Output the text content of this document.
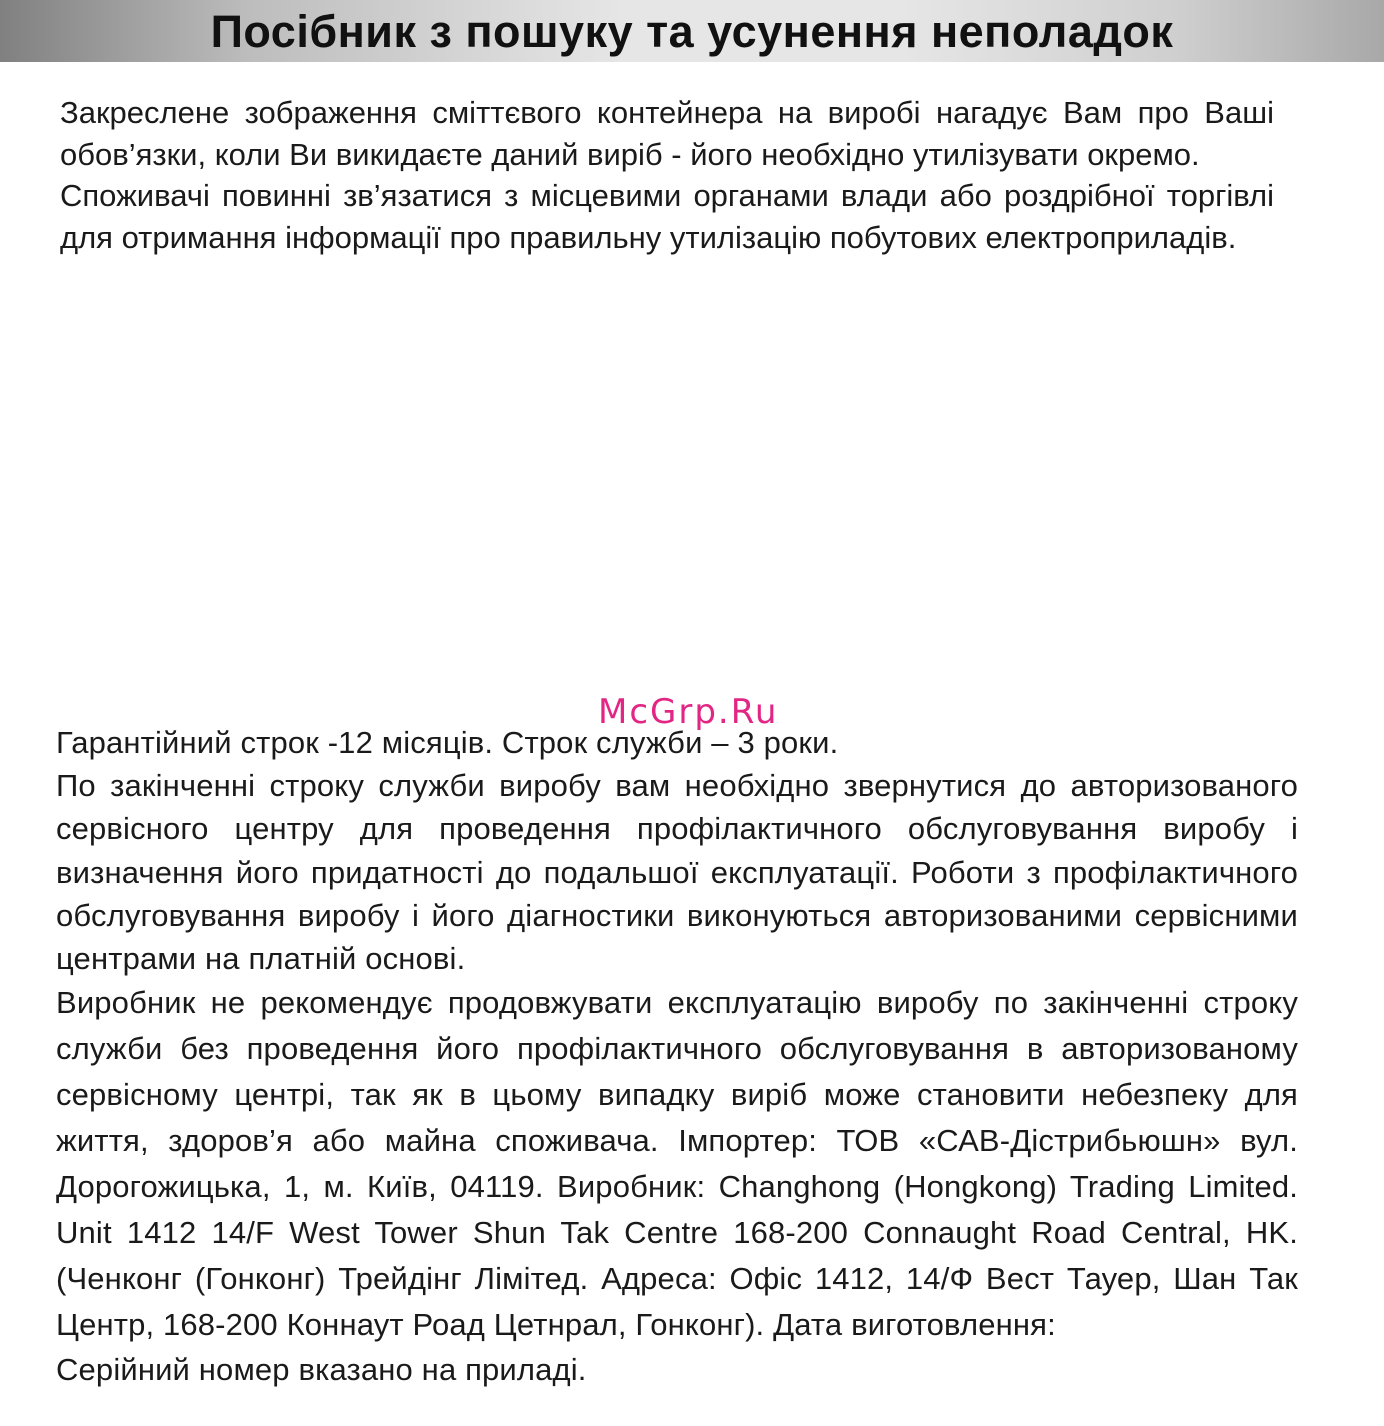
Посібник з пошуку та усунення неполадок

Закреслене зображення сміттєвого контейнера на виробі нагадує Вам про Ваші обов’язки, коли Ви викидаєте даний виріб - його необхідно утилізувати окремо.

Споживачі повинні зв’язатися з місцевими органами влади або роздрібної торгівлі для отримання інформації про правильну утилізацію побутових електроприладів.

Гарантійний строк -12 місяців. Строк служби – 3 роки.

По закінченні строку служби виробу вам необхідно звернутися до авторизованого сервісного центру для проведення профілактичного обслуговування виробу і визначення його придатності до подальшої експлуатації. Роботи з профілактичного обслуговування виробу і його діагностики виконуються авторизованими сервісними центрами на платній основі.

Виробник не рекомендує продовжувати експлуатацію виробу по закінченні строку служби без проведення його профілактичного обслуговування в авторизованому сервісному центрі, так як в цьому випадку виріб може становити небезпеку для життя, здоров’я або майна споживача. Імпортер: ТОВ «САВ-Дістрибьюшн» вул. Дорогожицька, 1, м. Київ, 04119. Виробник: Changhong (Hongkong) Trading Limited. Unit 1412 14/F West Tower Shun Tak Centre 168-200 Connaught Road Central, HK. (Ченконг (Гонконг) Трейдінг Лімітед. Адреса: Офіс 1412, 14/Ф Вест Тауер, Шан Так Центр, 168-200 Коннаут Роад Цетнрал, Гонконг). Дата виготовлення:

Серійний номер вказано на приладі.

McGrp.Ru
